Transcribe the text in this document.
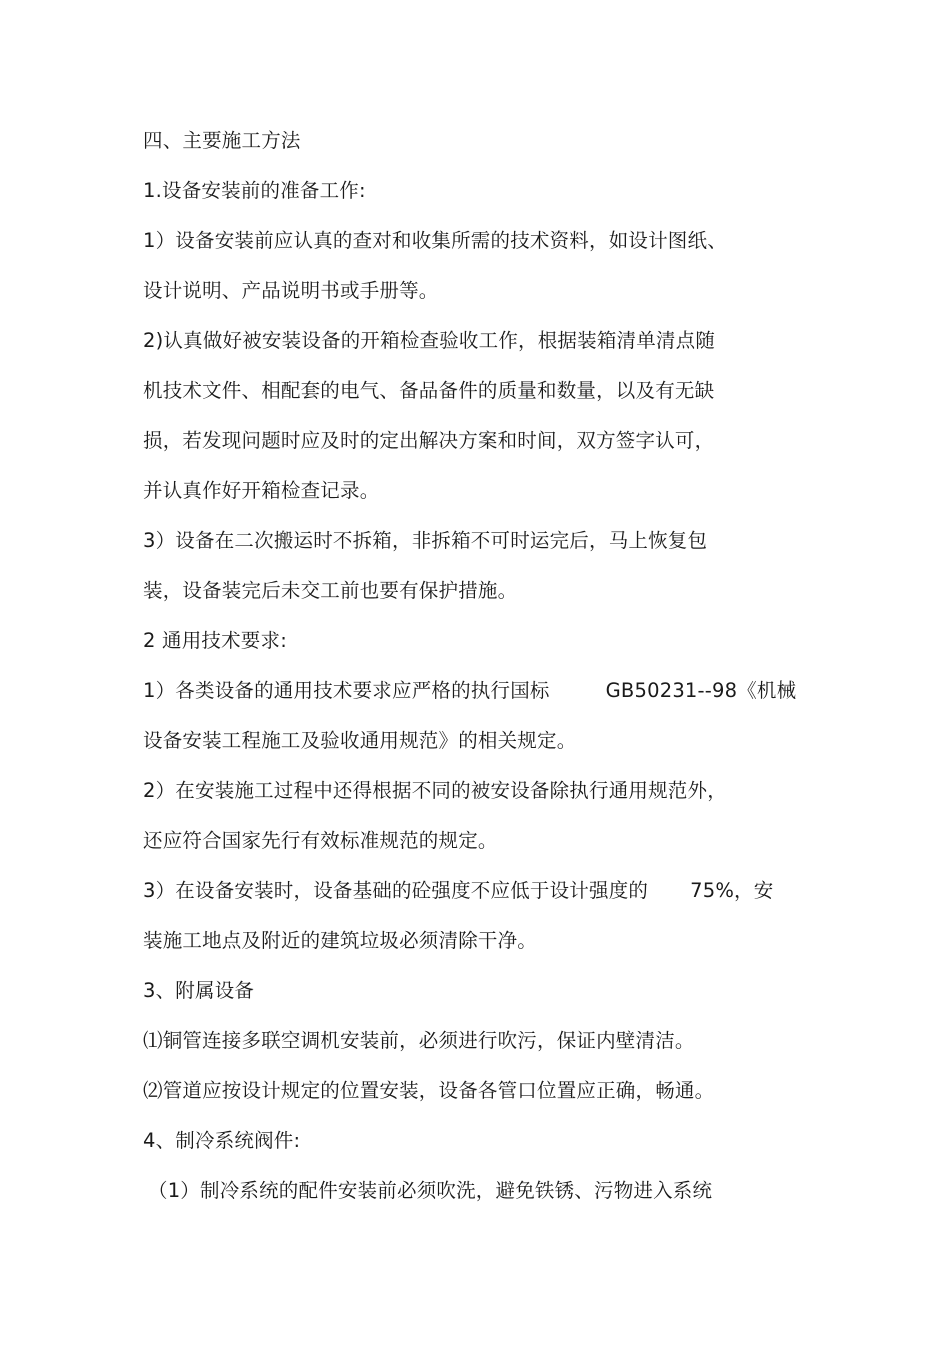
四、主要施工方法
1.设备安装前的准备工作:
1）设备安装前应认真的查对和收集所需的技术资料，如设计图纸、
设计说明、产品说明书或手册等。
2)认真做好被安装设备的开箱检查验收工作，根据装箱清单清点随
机技术文件、相配套的电气、备品备件的质量和数量，以及有无缺
损，若发现问题时应及时的定出解决方案和时间，双方签字认可，
并认真作好开箱检查记录。
3）设备在二次搬运时不拆箱，非拆箱不可时运完后，马上恢复包
装，设备装完后未交工前也要有保护措施。
2 通用技术要求:
1）各类设备的通用技术要求应严格的执行国标	GB50231--98《机械
设备安装工程施工及验收通用规范》的相关规定。
2）在安装施工过程中还得根据不同的被安设备除执行通用规范外，
还应符合国家先行有效标准规范的规定。
3）在设备安装时，设备基础的砼强度不应低于设计强度的 75%，安
装施工地点及附近的建筑垃圾必须清除干净。
3、附属设备
⑴铜管连接多联空调机安装前，必须进行吹污，保证内壁清洁。
⑵管道应按设计规定的位置安装，设备各管口位置应正确，畅通。
4、制冷系统阀件:
（1）制冷系统的配件安装前必须吹洗，避免铁锈、污物进入系统
